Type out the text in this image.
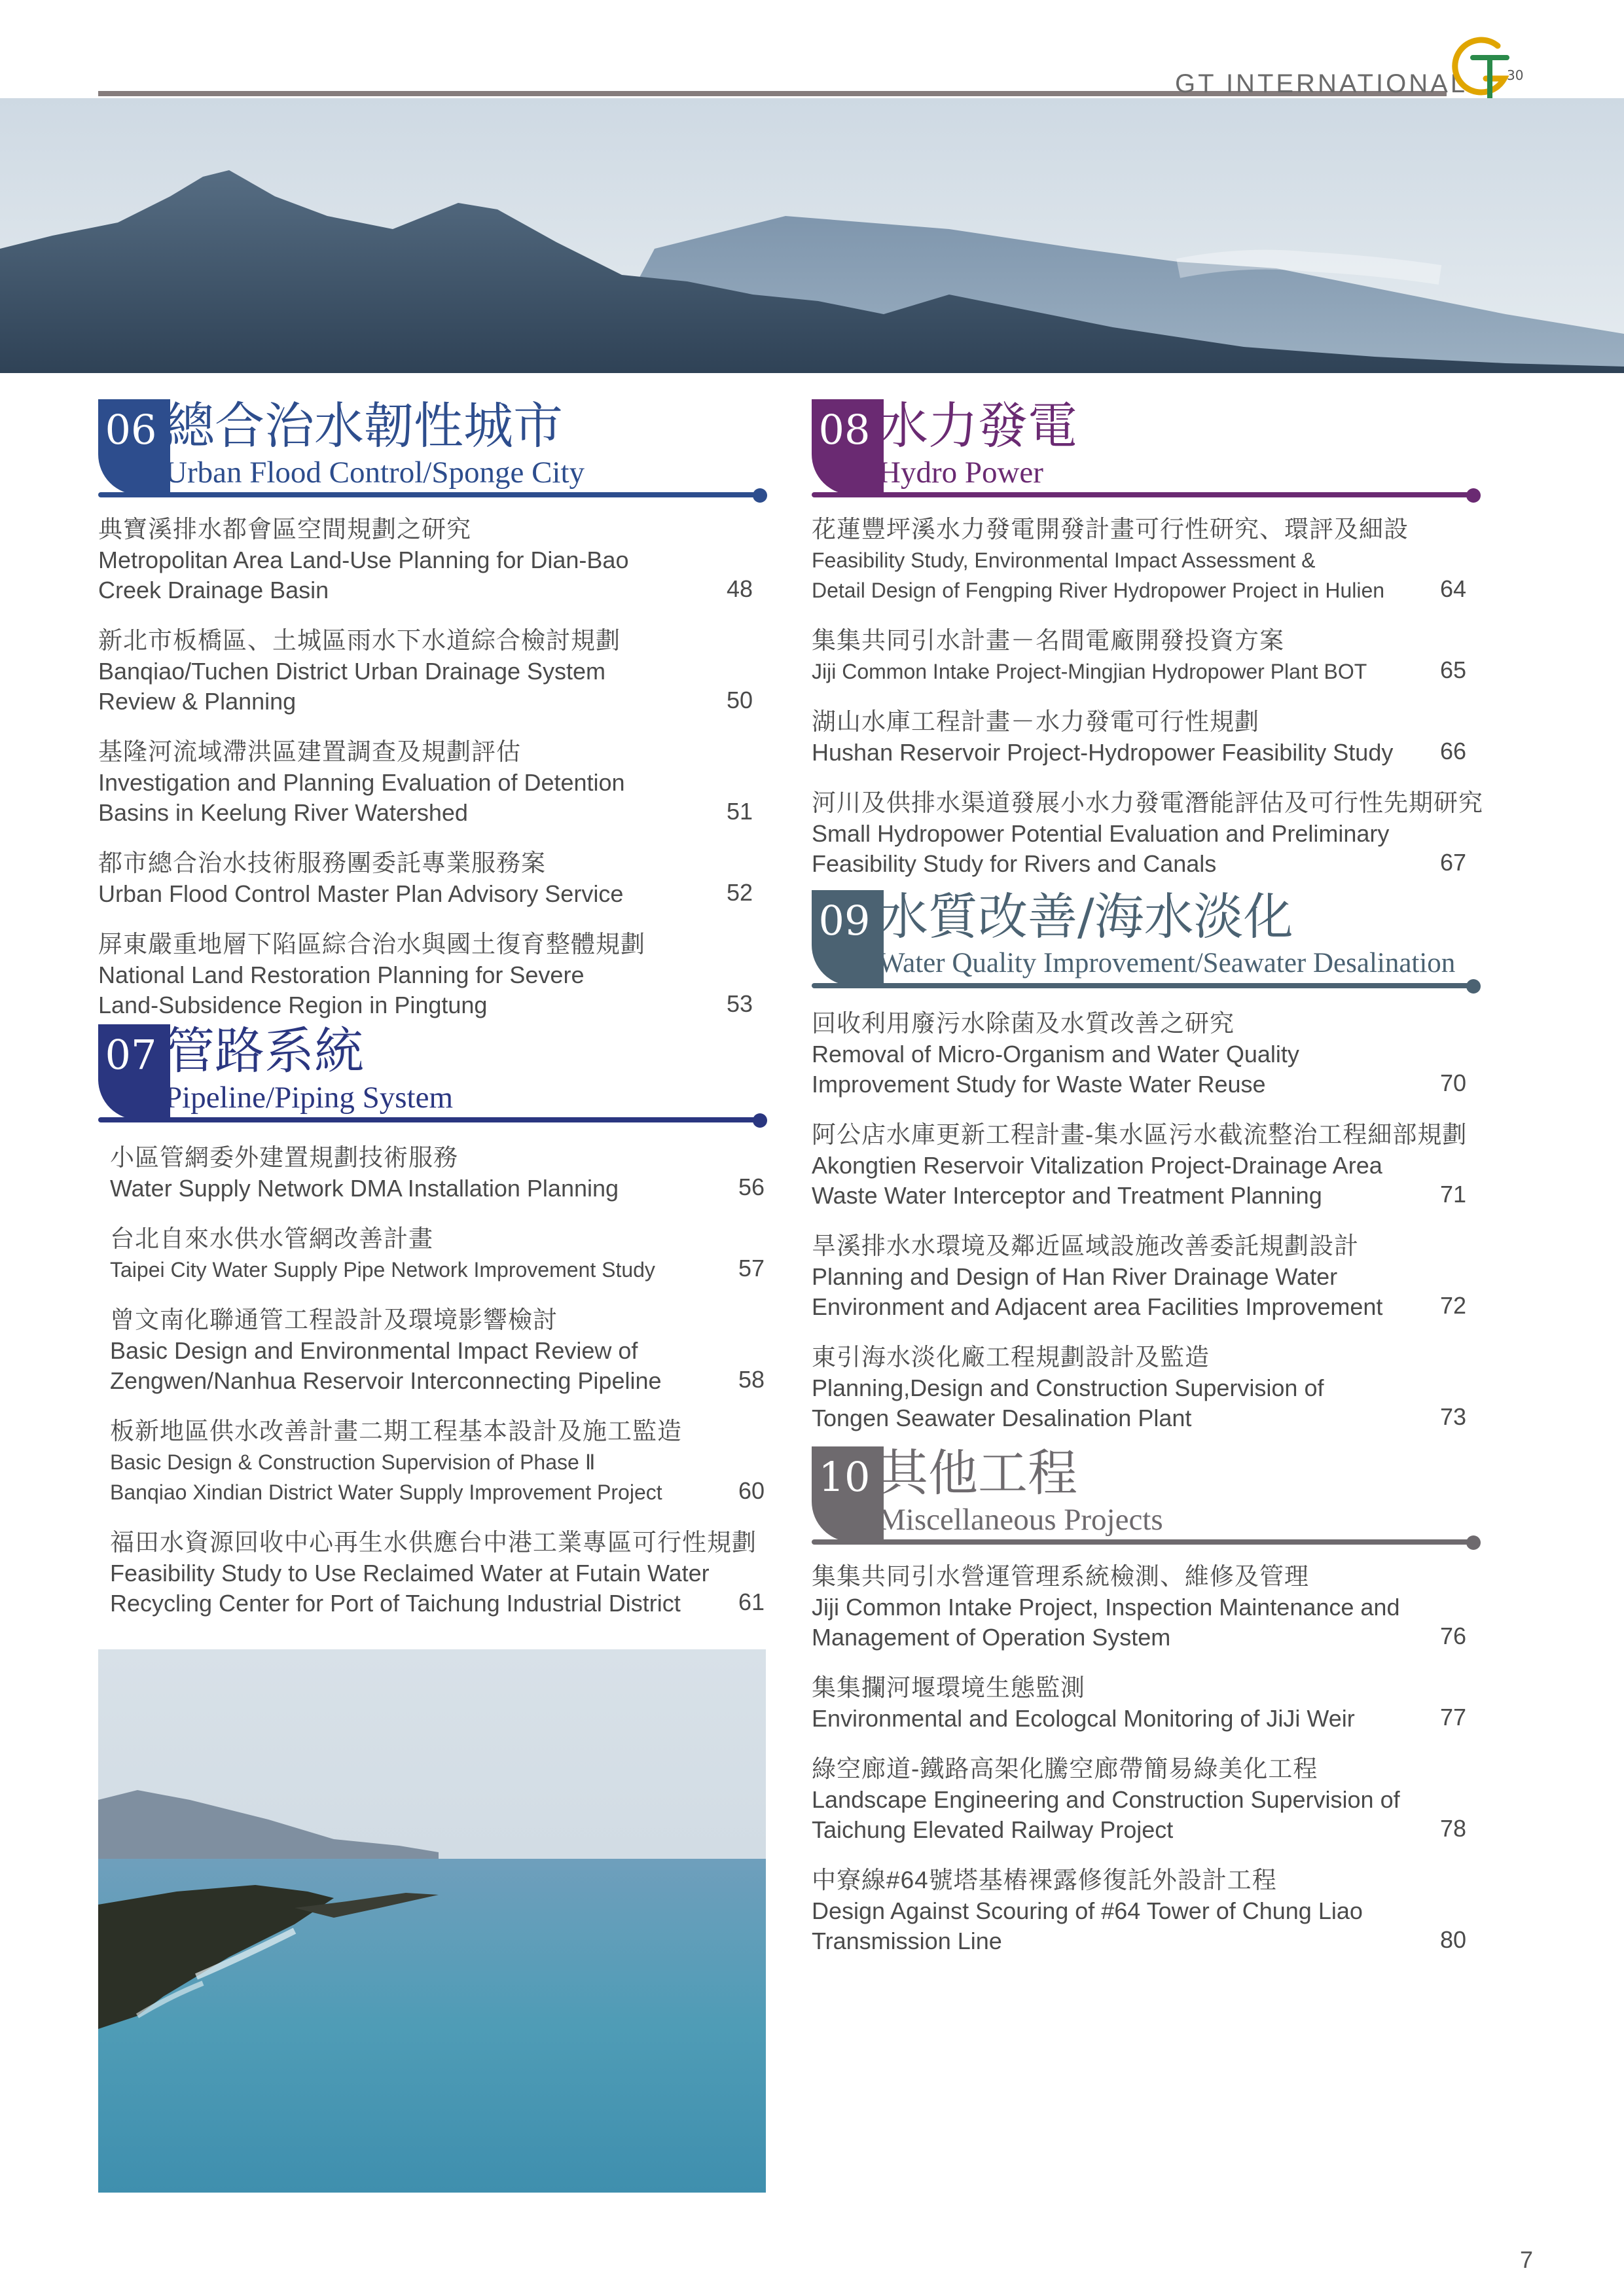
GT INTERNATIONAL	30
06 總合治水韌性城市
Urban Flood Control/Sponge City
典寶溪排水都會區空間規劃之研究
Metropolitan Area Land-Use Planning for Dian-Bao
Creek Drainage Basin	48
新北市板橋區、土城區雨水下水道綜合檢討規劃
Banqiao/Tuchen District Urban Drainage System
Review & Planning	50
基隆河流域滯洪區建置調查及規劃評估
Investigation and Planning Evaluation of Detention
Basins in Keelung River Watershed	51
都市總合治水技術服務團委託專業服務案
Urban Flood Control Master Plan Advisory Service	52
屏東嚴重地層下陷區綜合治水與國土復育整體規劃
National Land Restoration Planning for Severe
Land-Subsidence Region in Pingtung	53
07 管路系統
Pipeline/Piping System
小區管網委外建置規劃技術服務
Water Supply Network DMA Installation Planning	56
台北自來水供水管網改善計畫
Taipei City Water Supply Pipe Network Improvement Study	57
曾文南化聯通管工程設計及環境影響檢討
Basic Design and Environmental Impact Review of
Zengwen/Nanhua Reservoir Interconnecting Pipeline	58
板新地區供水改善計畫二期工程基本設計及施工監造
Basic Design & Construction Supervision of Phase Ⅱ
Banqiao Xindian District Water Supply Improvement Project	60
福田水資源回收中心再生水供應台中港工業專區可行性規劃
Feasibility Study to Use Reclaimed Water at Futain Water
Recycling Center for Port of Taichung Industrial District	61
08 水力發電
Hydro Power
花蓮豐坪溪水力發電開發計畫可行性研究、環評及細設
Feasibility Study, Environmental Impact Assessment &
Detail Design of Fengping River Hydropower Project in Hulien	64
集集共同引水計畫－名間電廠開發投資方案
Jiji Common Intake Project-Mingjian Hydropower Plant BOT	65
湖山水庫工程計畫－水力發電可行性規劃
Hushan Reservoir Project-Hydropower Feasibility Study	66
河川及供排水渠道發展小水力發電潛能評估及可行性先期研究
Small Hydropower Potential Evaluation and Preliminary
Feasibility Study for Rivers and Canals	67
09 水質改善/海水淡化
Water Quality Improvement/Seawater Desalination
回收利用廢污水除菌及水質改善之研究
Removal of Micro-Organism and Water Quality
Improvement Study for Waste Water Reuse	70
阿公店水庫更新工程計畫-集水區污水截流整治工程細部規劃
Akongtien Reservoir Vitalization Project-Drainage Area
Waste Water Interceptor and Treatment Planning	71
旱溪排水水環境及鄰近區域設施改善委託規劃設計
Planning and Design of Han River Drainage Water
Environment and Adjacent area Facilities Improvement	72
東引海水淡化廠工程規劃設計及監造
Planning,Design and Construction Supervision of
Tongen Seawater Desalination Plant	73
10 其他工程
Miscellaneous Projects
集集共同引水營運管理系統檢測、維修及管理
Jiji Common Intake Project, Inspection Maintenance and
Management of Operation System	76
集集攔河堰環境生態監測
Environmental and Ecologcal Monitoring of JiJi Weir	77
綠空廊道-鐵路高架化騰空廊帶簡易綠美化工程
Landscape Engineering and Construction Supervision of
Taichung Elevated Railway Project	78
中寮線#64號塔基樁裸露修復託外設計工程
Design Against Scouring of #64 Tower of Chung Liao
Transmission Line	80
7
